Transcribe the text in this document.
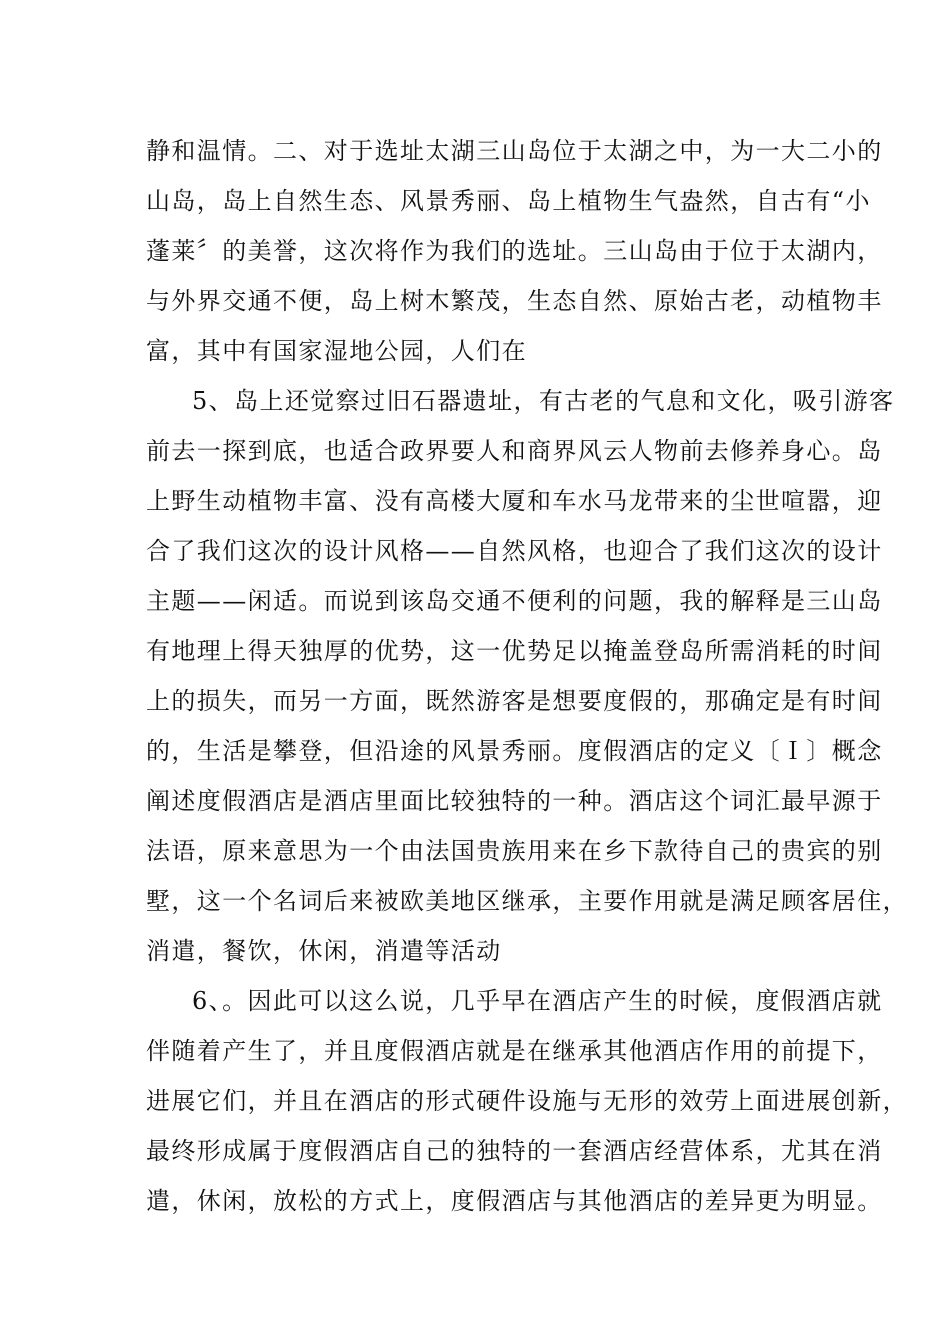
静和温情。二、对于选址太湖三山岛位于太湖之中，为一大二小的
山岛，岛上自然生态、风景秀丽、岛上植物生气盎然，自古有“小
蓬莱〞的美誉，这次将作为我们的选址。三山岛由于位于太湖内，
与外界交通不便，岛上树木繁茂，生态自然、原始古老，动植物丰
富，其中有国家湿地公园，人们在
5、岛上还觉察过旧石器遗址，有古老的气息和文化，吸引游客
前去一探到底，也适合政界要人和商界风云人物前去修养身心。岛
上野生动植物丰富、没有高楼大厦和车水马龙带来的尘世喧嚣，迎
合了我们这次的设计风格——自然风格，也迎合了我们这次的设计
主题——闲适。而说到该岛交通不便利的问题，我的解释是三山岛
有地理上得天独厚的优势，这一优势足以掩盖登岛所需消耗的时间
上的损失，而另一方面，既然游客是想要度假的，那确定是有时间
的，生活是攀登，但沿途的风景秀丽。度假酒店的定义〔Ｉ〕概念
阐述度假酒店是酒店里面比较独特的一种。酒店这个词汇最早源于
法语，原来意思为一个由法国贵族用来在乡下款待自己的贵宾的别
墅，这一个名词后来被欧美地区继承，主要作用就是满足顾客居住，
消遣，餐饮，休闲，消遣等活动
6、。因此可以这么说，几乎早在酒店产生的时候，度假酒店就
伴随着产生了，并且度假酒店就是在继承其他酒店作用的前提下，
进展它们，并且在酒店的形式硬件设施与无形的效劳上面进展创新，
最终形成属于度假酒店自己的独特的一套酒店经营体系，尤其在消
遣，休闲，放松的方式上，度假酒店与其他酒店的差异更为明显。
